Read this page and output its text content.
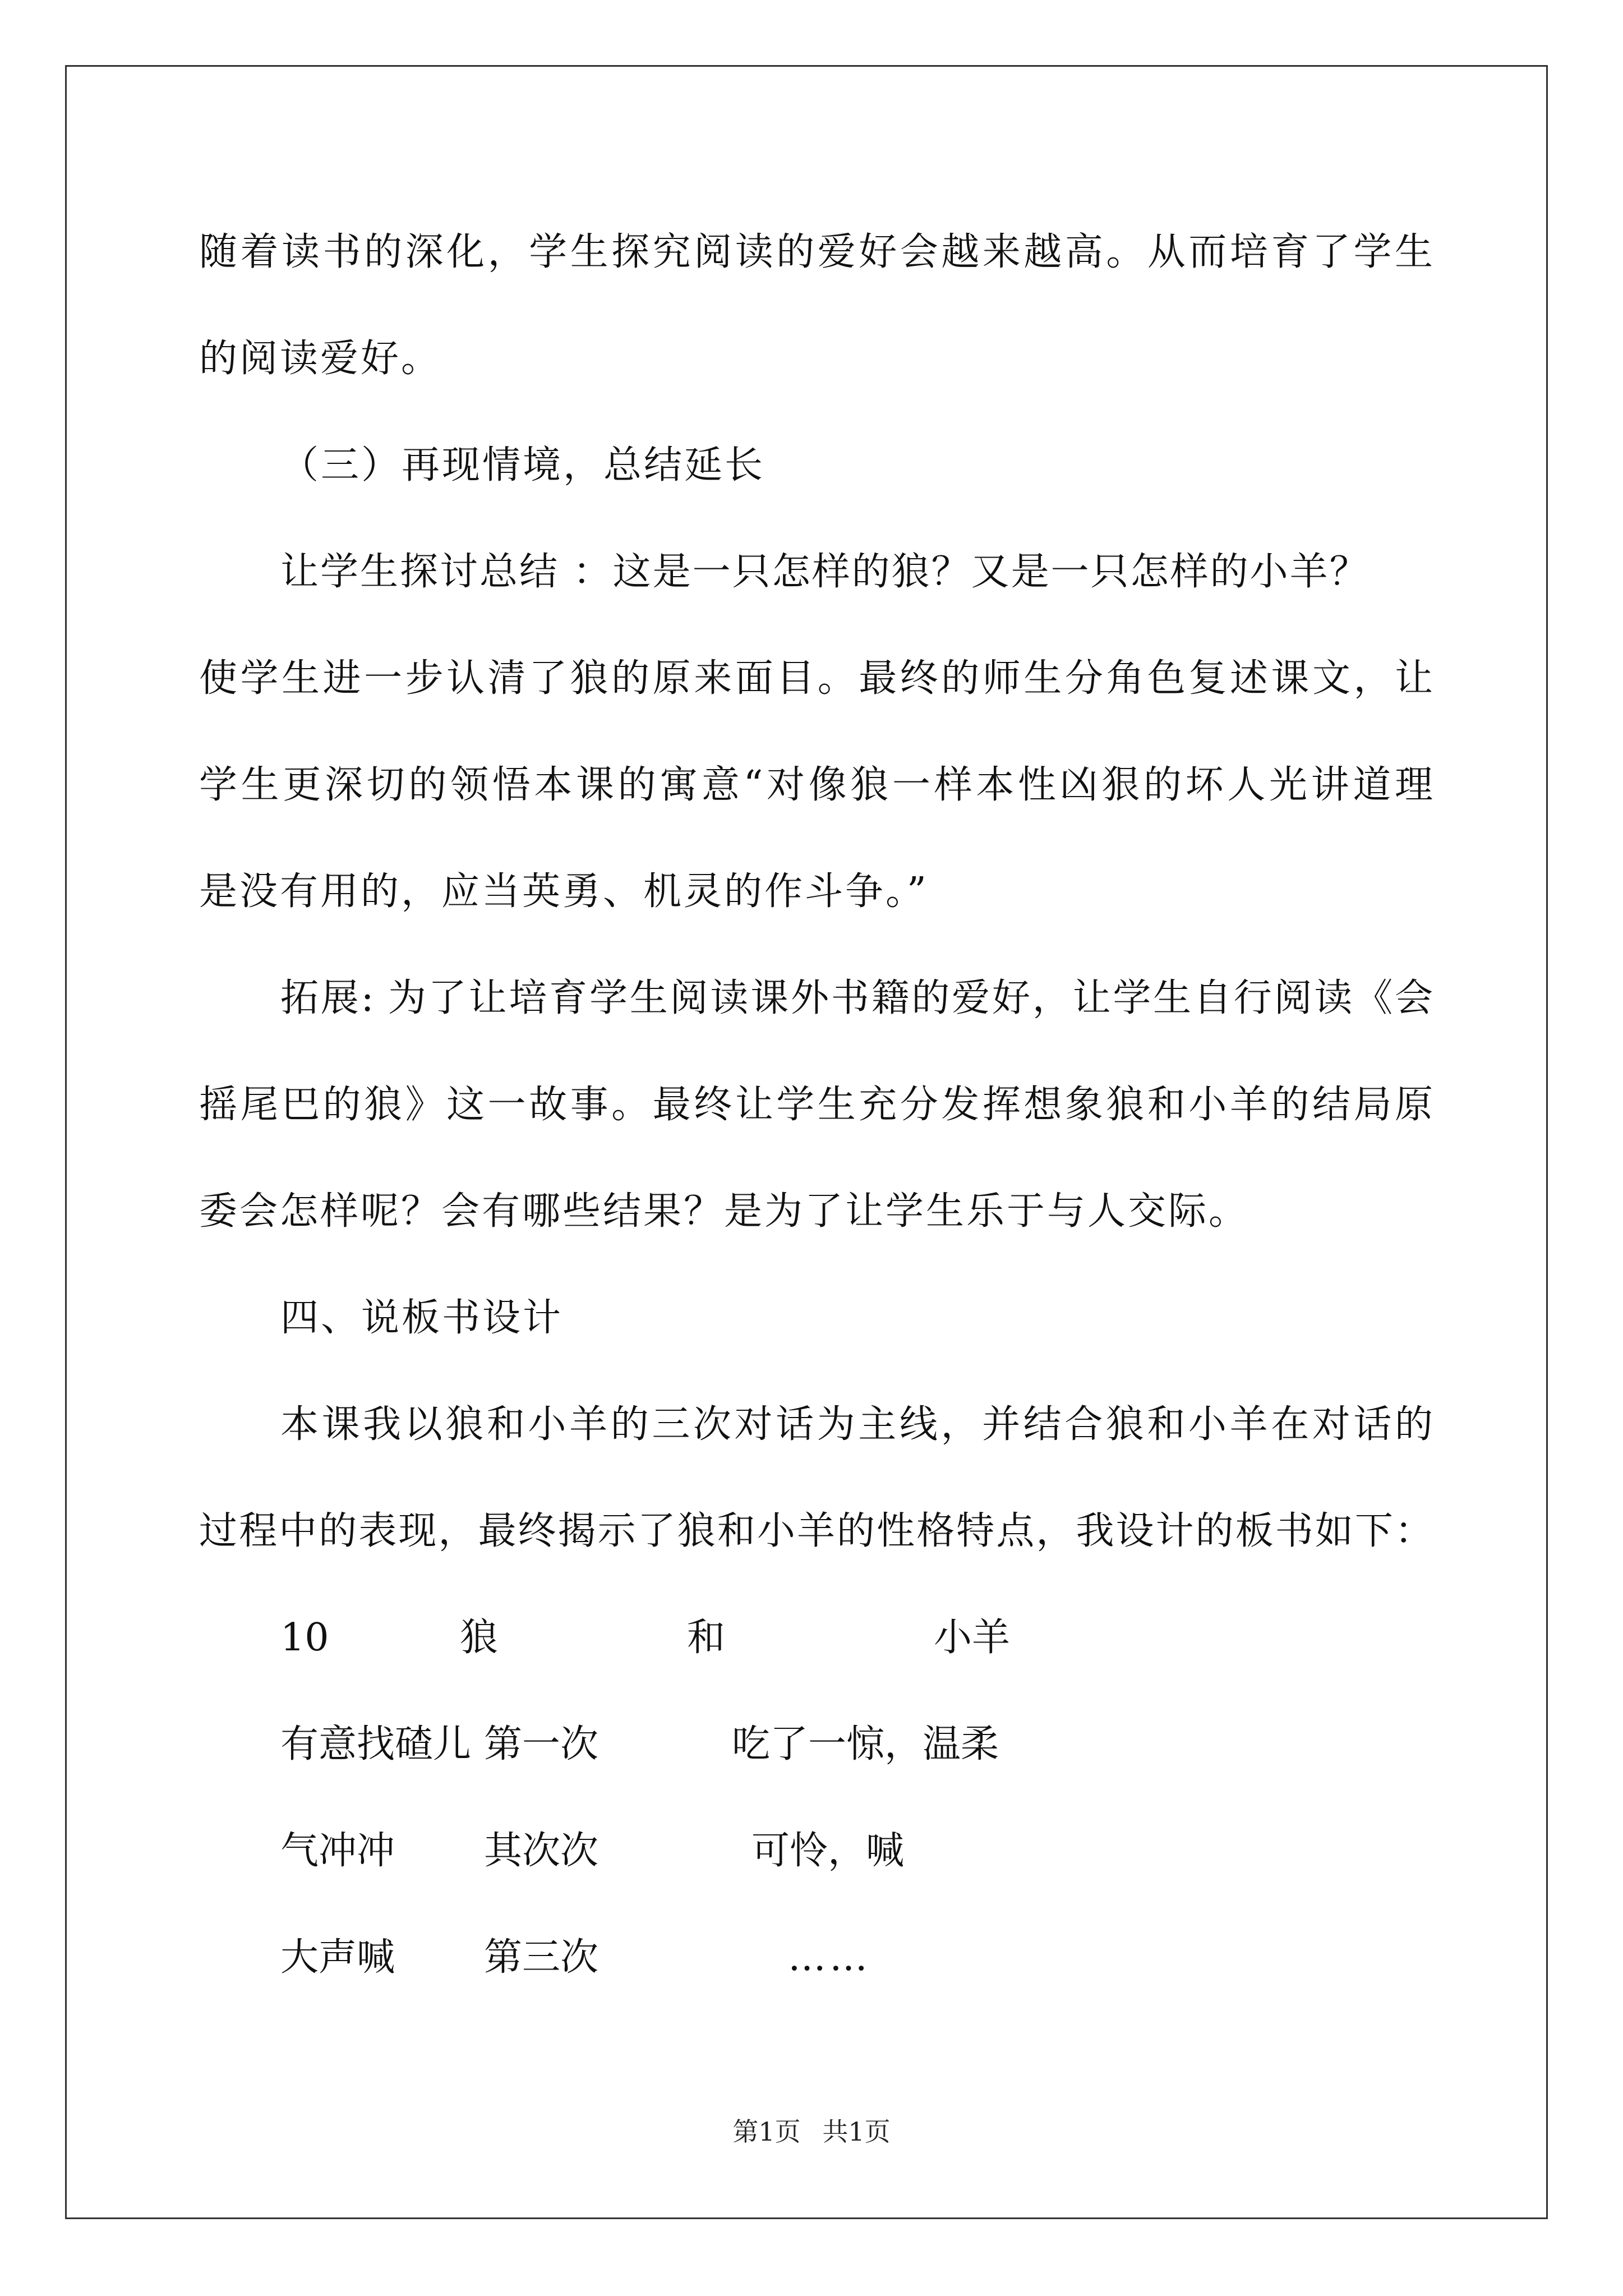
随着读书的深化，学生探究阅读的爱好会越来越高。从而培育了学生
的阅读爱好。
（三）再现情境，总结延长
让学生探讨总结 ：这是一只怎样的狼？又是一只怎样的小羊？
使学生进一步认清了狼的原来面目。最终的师生分角色复述课文，让
学生更深切的领悟本课的寓意“对像狼一样本性凶狠的坏人光讲道理
是没有用的，应当英勇、机灵的作斗争。”
拓展: 为了让培育学生阅读课外书籍的爱好，让学生自行阅读《会
摇尾巴的狼》这一故事。最终让学生充分发挥想象狼和小羊的结局原
委会怎样呢？会有哪些结果？是为了让学生乐于与人交际。
四、说板书设计
本课我以狼和小羊的三次对话为主线，并结合狼和小羊在对话的
过程中的表现，最终揭示了狼和小羊的性格特点，我设计的板书如下：
10	狼	和	小羊
有意找碴儿 第一次	吃了一惊，温柔
气冲冲 其次次	可怜，喊
大声喊 第三次	……
第1页 共1页
